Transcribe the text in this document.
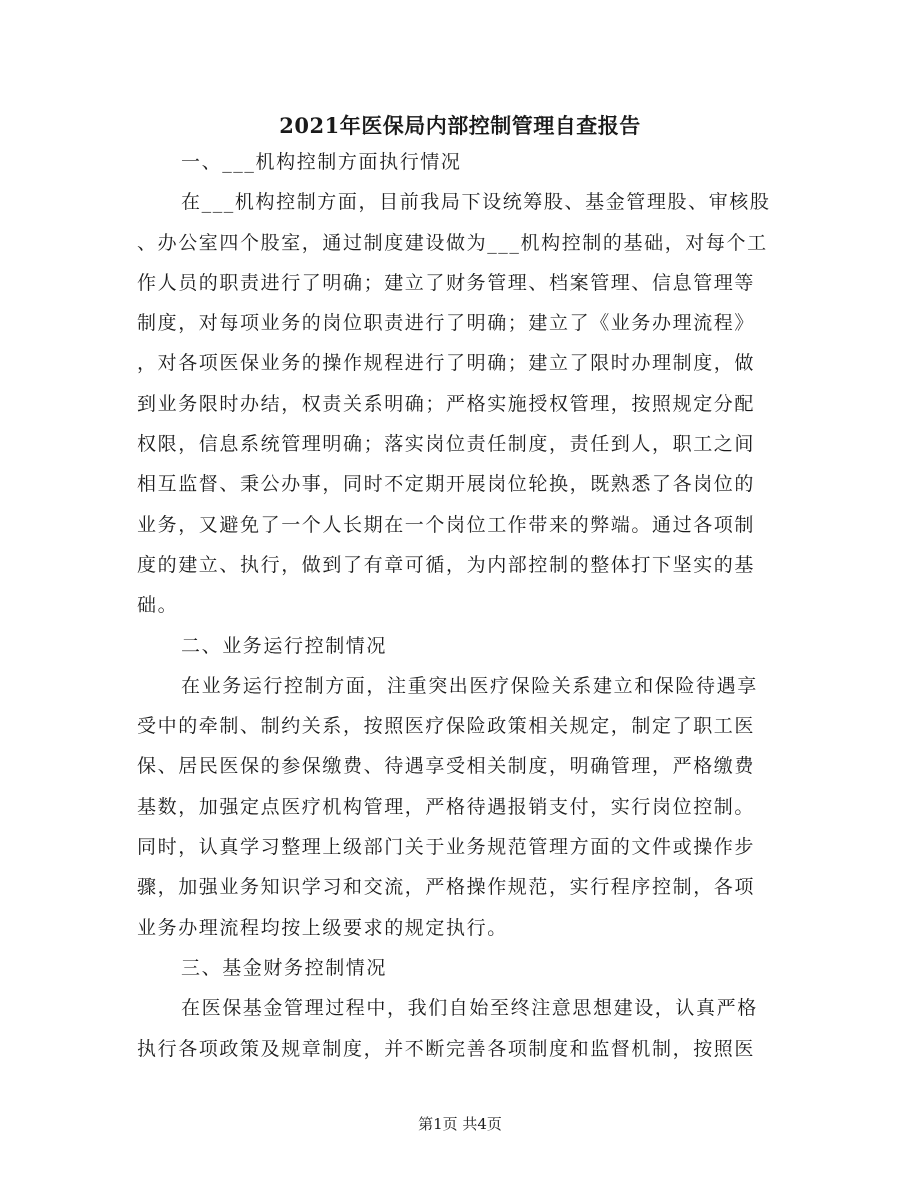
2021年医保局内部控制管理自查报告
一、___机构控制方面执行情况
在___机构控制方面，目前我局下设统筹股、基金管理股、审核股
、办公室四个股室，通过制度建设做为___机构控制的基础，对每个工
作人员的职责进行了明确；建立了财务管理、档案管理、信息管理等
制度，对每项业务的岗位职责进行了明确；建立了《业务办理流程》
，对各项医保业务的操作规程进行了明确；建立了限时办理制度，做
到业务限时办结，权责关系明确；严格实施授权管理，按照规定分配
权限，信息系统管理明确；落实岗位责任制度，责任到人，职工之间
相互监督、秉公办事，同时不定期开展岗位轮换，既熟悉了各岗位的
业务，又避免了一个人长期在一个岗位工作带来的弊端。通过各项制
度的建立、执行，做到了有章可循，为内部控制的整体打下坚实的基
础。
二、业务运行控制情况
在业务运行控制方面，注重突出医疗保险关系建立和保险待遇享
受中的牵制、制约关系，按照医疗保险政策相关规定，制定了职工医
保、居民医保的参保缴费、待遇享受相关制度，明确管理，严格缴费
基数，加强定点医疗机构管理，严格待遇报销支付，实行岗位控制。
同时，认真学习整理上级部门关于业务规范管理方面的文件或操作步
骤，加强业务知识学习和交流，严格操作规范，实行程序控制，各项
业务办理流程均按上级要求的规定执行。
三、基金财务控制情况
在医保基金管理过程中，我们自始至终注意思想建设，认真严格
执行各项政策及规章制度，并不断完善各项制度和监督机制，按照医
第1页 共4页
